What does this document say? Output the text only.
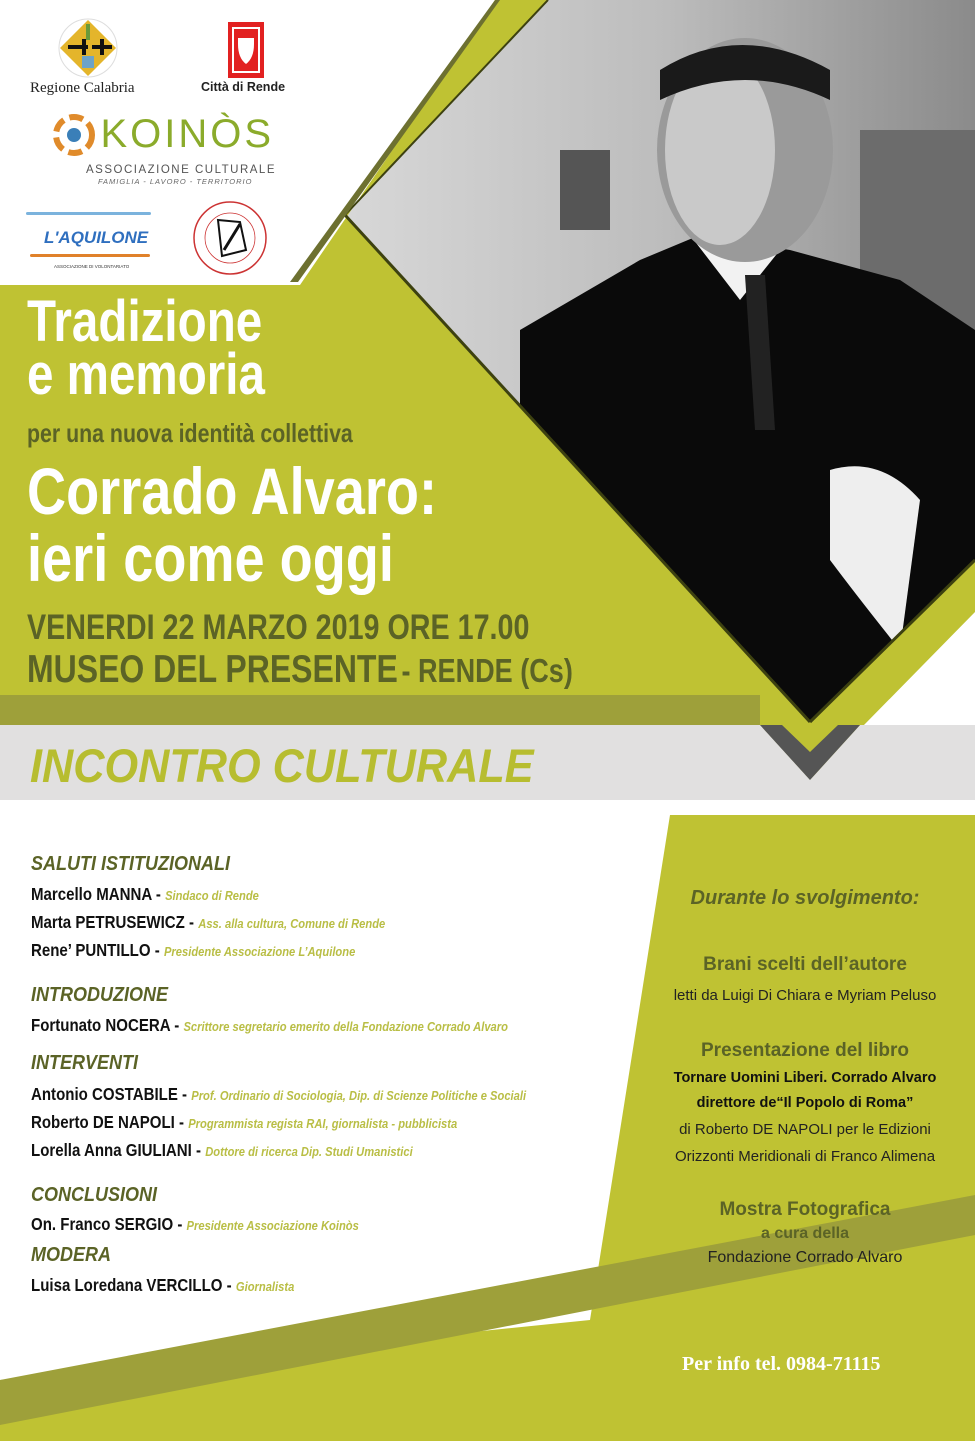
Regione Calabria	Città di Rende
KOINÒS
ASSOCIAZIONE CULTURALE
FAMIGLIA - LAVORO - TERRITORIO
L'AQUILONE
ASSOCIAZIONE DI VOLONTARIATO
Tradizione
e memoria
per una nuova identità collettiva
Corrado Alvaro:
ieri come oggi
VENERDI 22 MARZO 2019 ORE 17.00
MUSEO DEL PRESENTE - RENDE (Cs)
INCONTRO CULTURALE
SALUTI ISTITUZIONALI
Marcello MANNA - Sindaco di Rende
Marta PETRUSEWICZ - Ass. alla cultura, Comune di Rende
Rene’ PUNTILLO - Presidente Associazione L’Aquilone
INTRODUZIONE
Fortunato NOCERA - Scrittore segretario emerito della Fondazione Corrado Alvaro
INTERVENTI
Antonio COSTABILE - Prof. Ordinario di Sociologia, Dip. di Scienze Politiche e Sociali
Roberto DE NAPOLI - Programmista regista RAI, giornalista - pubblicista
Lorella Anna GIULIANI - Dottore di ricerca Dip. Studi Umanistici
CONCLUSIONI
On. Franco SERGIO - Presidente Associazione Koinòs
MODERA
Luisa Loredana VERCILLO - Giornalista
Durante lo svolgimento:
Brani scelti dell’autore
letti da Luigi Di Chiara e Myriam Peluso
Presentazione del libro
Tornare Uomini Liberi. Corrado Alvaro
direttore de“Il Popolo di Roma”
di Roberto DE NAPOLI per le Edizioni
Orizzonti Meridionali di Franco Alimena
Mostra Fotografica
a cura della
Fondazione Corrado Alvaro
Per info tel. 0984-71115
